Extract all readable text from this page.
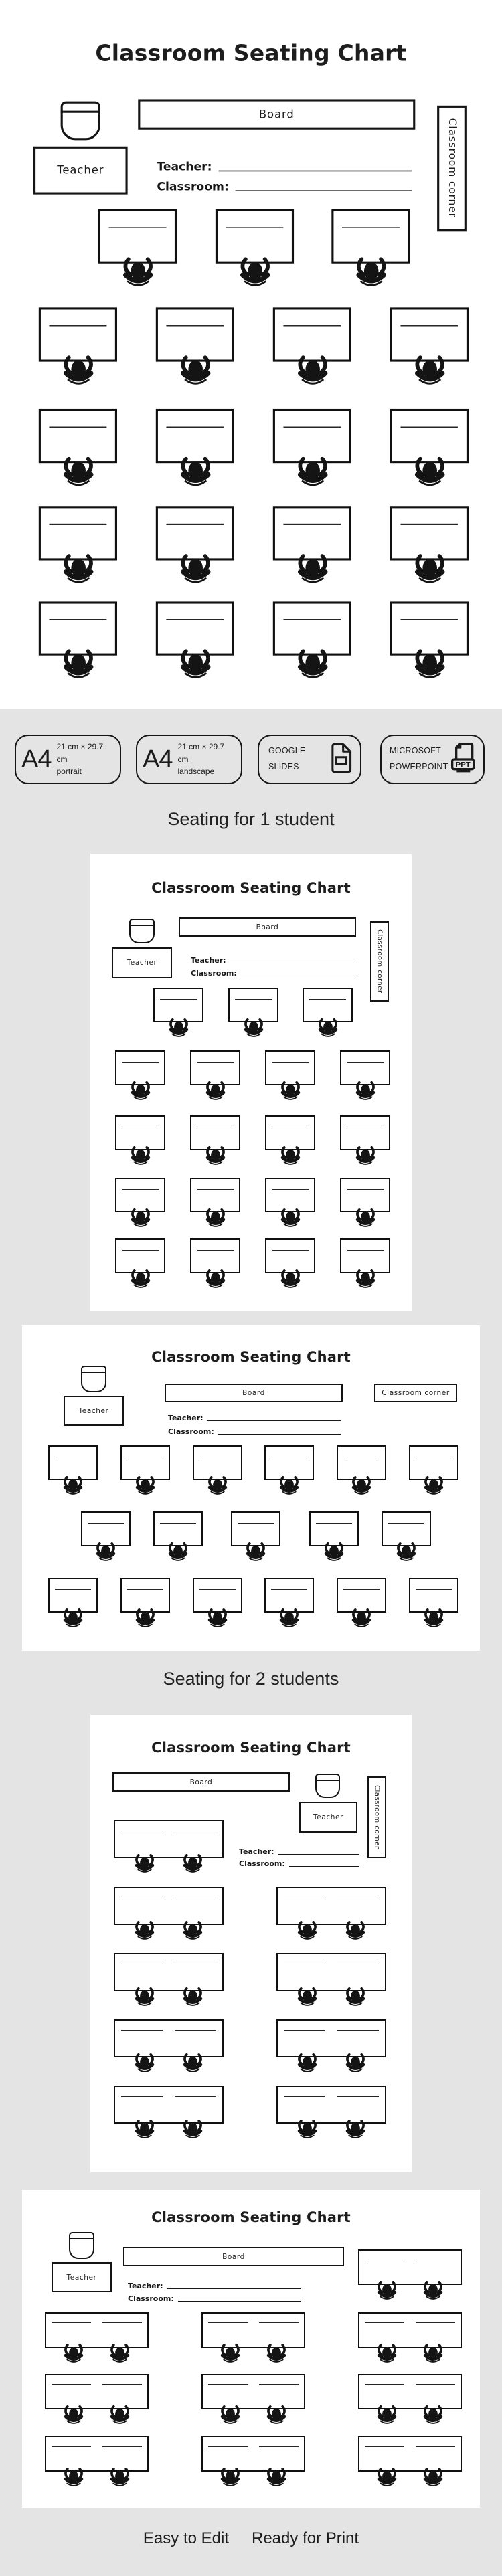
Classroom Seating Chart
Board
Teacher	Classroom corner
Teacher:
Classroom:
A4 21 cm × 29.7 cm
portrait	A4 21 cm × 29.7 cm
landscape
GOOGLE
SLIDES
MICROSOFT
POWERPOINT PPT
Seating for 1 student
Classroom Seating Chart
Board
Teacher	Classroom corner
Teacher:
Classroom:
Classroom Seating Chart
Board
Teacher
Classroom corner
Teacher:
Classroom:
Seating for 2 students
Classroom Seating Chart
Board
Teacher	Classroom corner
Teacher:
Classroom:
Classroom Seating Chart
Board
Teacher
Teacher:
Classroom:
Easy to Edit Ready for Print
